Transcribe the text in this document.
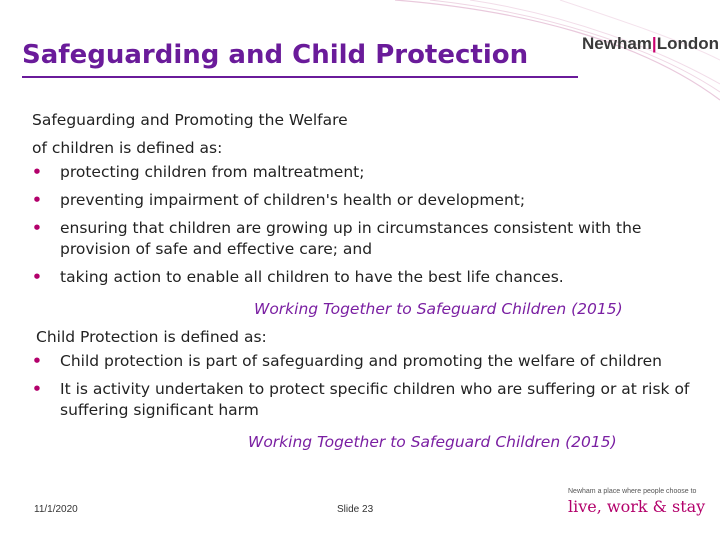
Safeguarding and Child Protection	Newham|London
Safeguarding and Promoting the Welfare
of children is defined as:
• protecting children from maltreatment;
• preventing impairment of children's health or development;
• ensuring that children are growing up in circumstances consistent with the provision of safe and effective care; and
• taking action to enable all children to have the best life chances.
Working Together to Safeguard Children (2015)
Child Protection is defined as:
• Child protection is part of safeguarding and promoting the welfare of children
• It is activity undertaken to protect specific children who are suffering or at risk of suffering significant harm
Working Together to Safeguard Children (2015)
11/1/2020	Slide 23
Newham a place where people choose to
live, work & stay
